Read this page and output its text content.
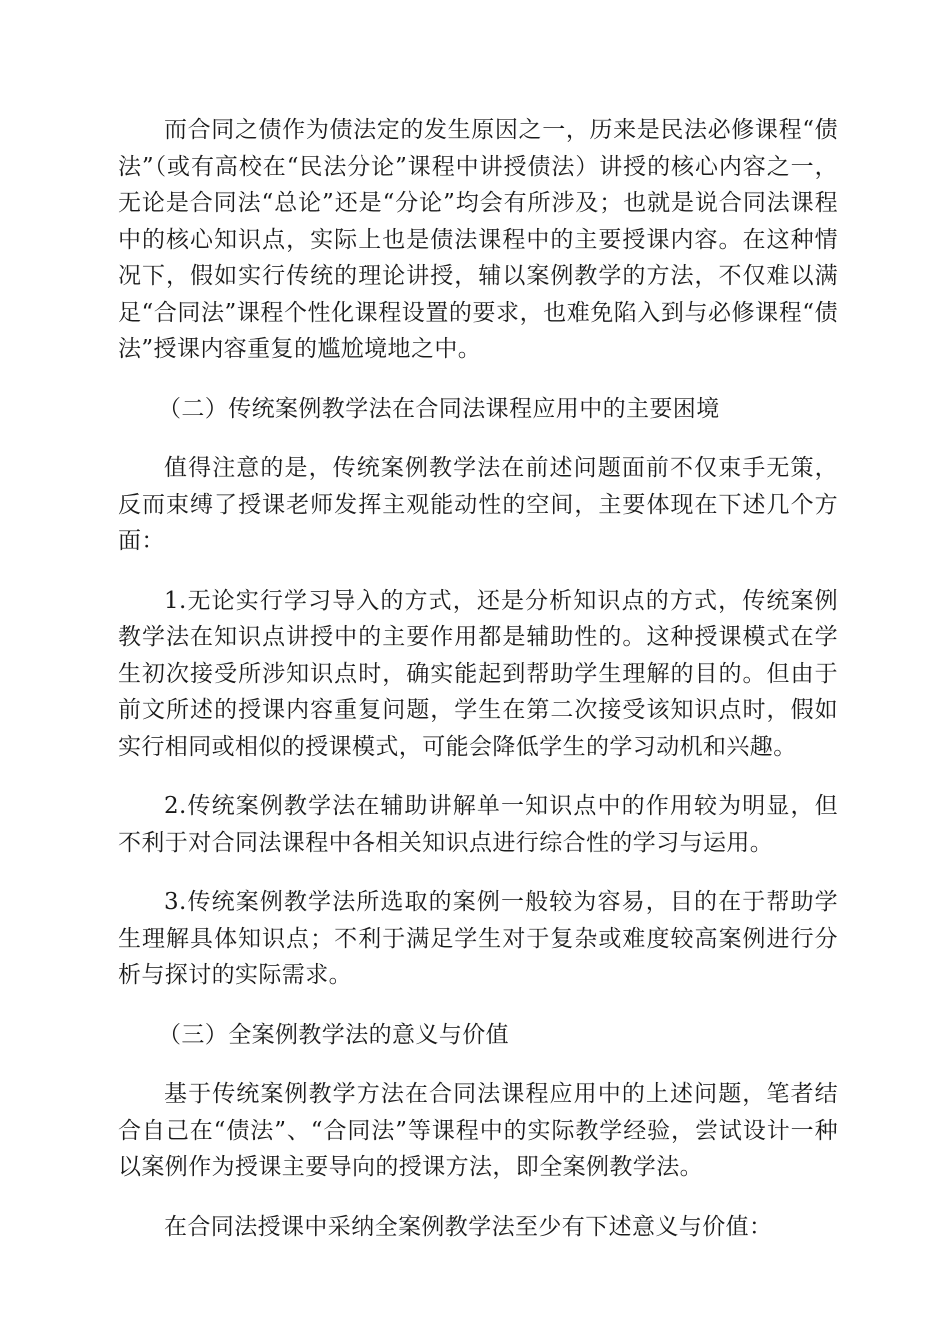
而合同之债作为债法定的发生原因之一，历来是民法必修课程“债法”（或有高校在“民法分论”课程中讲授债法）讲授的核心内容之一，无论是合同法“总论”还是“分论”均会有所涉及；也就是说合同法课程中的核心知识点，实际上也是债法课程中的主要授课内容。在这种情况下，假如实行传统的理论讲授，辅以案例教学的方法，不仅难以满足“合同法”课程个性化课程设置的要求，也难免陷入到与必修课程“债法”授课内容重复的尴尬境地之中。

（二）传统案例教学法在合同法课程应用中的主要困境

值得注意的是，传统案例教学法在前述问题面前不仅束手无策，反而束缚了授课老师发挥主观能动性的空间，主要体现在下述几个方面：

1.无论实行学习导入的方式，还是分析知识点的方式，传统案例教学法在知识点讲授中的主要作用都是辅助性的。这种授课模式在学生初次接受所涉知识点时，确实能起到帮助学生理解的目的。但由于前文所述的授课内容重复问题，学生在第二次接受该知识点时，假如实行相同或相似的授课模式，可能会降低学生的学习动机和兴趣。

2.传统案例教学法在辅助讲解单一知识点中的作用较为明显，但不利于对合同法课程中各相关知识点进行综合性的学习与运用。

3.传统案例教学法所选取的案例一般较为容易，目的在于帮助学生理解具体知识点；不利于满足学生对于复杂或难度较高案例进行分析与探讨的实际需求。

（三）全案例教学法的意义与价值

基于传统案例教学方法在合同法课程应用中的上述问题，笔者结合自己在“债法”、“合同法”等课程中的实际教学经验，尝试设计一种以案例作为授课主要导向的授课方法，即全案例教学法。

在合同法授课中采纳全案例教学法至少有下述意义与价值：
